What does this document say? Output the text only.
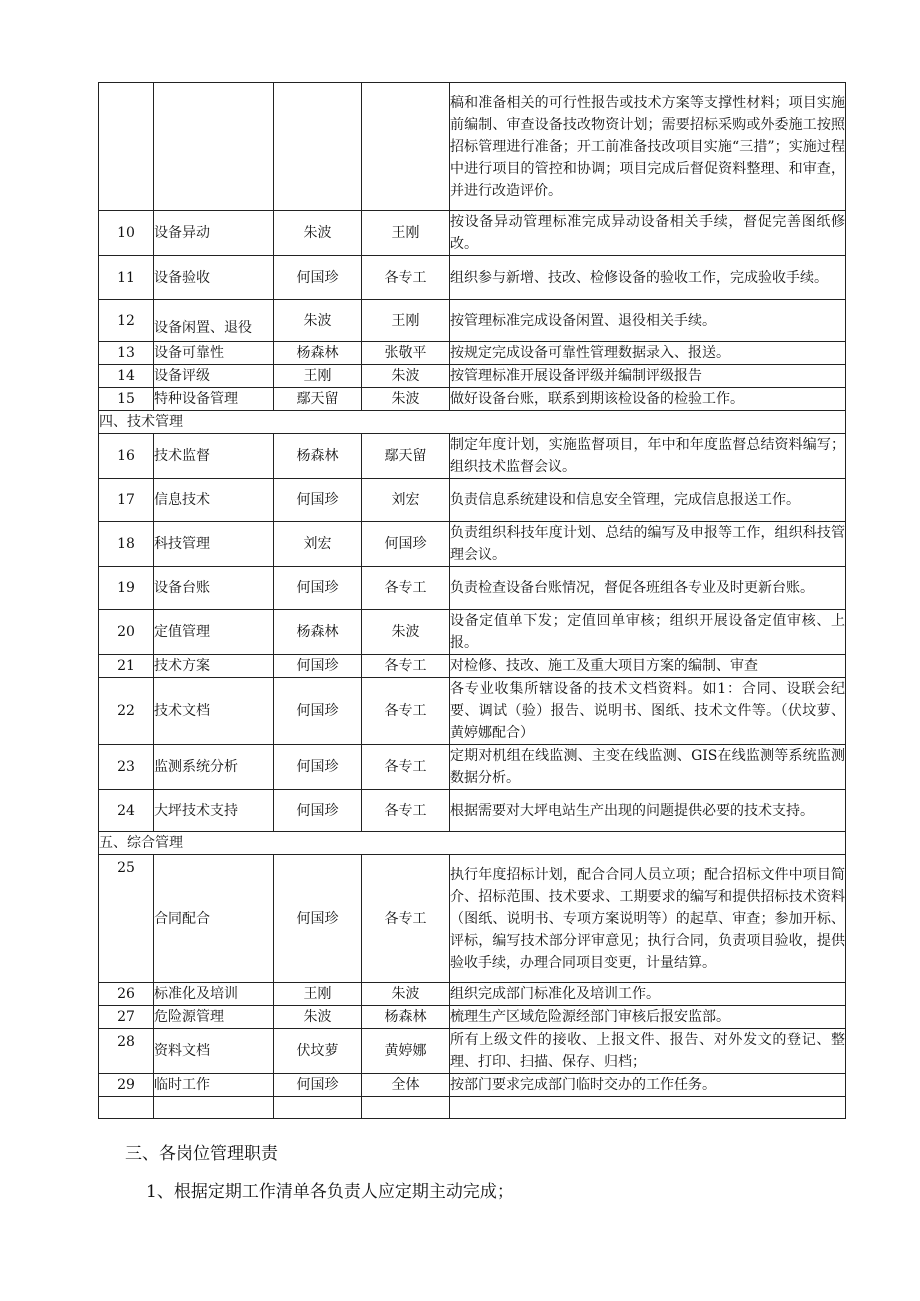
				稿和准备相关的可行性报告或技术方案等支撑性材料；项目实施前编制、审查设备技改物资计划；需要招标采购或外委施工按照招标管理进行准备；开工前准备技改项目实施“三措”；实施过程中进行项目的管控和协调；项目完成后督促资料整理、和审查，并进行改造评价。
10	设备异动	朱波	王刚	按设备异动管理标准完成异动设备相关手续，督促完善图纸修改。
11	设备验收	何国珍	各专工	组织参与新增、技改、检修设备的验收工作，完成验收手续。
12	设备闲置、退役	朱波	王刚	按管理标准完成设备闲置、退役相关手续。
13	设备可靠性	杨森林	张敬平	按规定完成设备可靠性管理数据录入、报送。
14	设备评级	王刚	朱波	按管理标准开展设备评级并编制评级报告
15	特种设备管理	鄢天留	朱波	做好设备台账，联系到期该检设备的检验工作。
四、技术管理				
16	技术监督	杨森林	鄢天留	制定年度计划，实施监督项目，年中和年度监督总结资料编写；组织技术监督会议。
17	信息技术	何国珍	刘宏	负责信息系统建设和信息安全管理，完成信息报送工作。
18	科技管理	刘宏	何国珍	负责组织科技年度计划、总结的编写及申报等工作，组织科技管理会议。
19	设备台账	何国珍	各专工	负责检查设备台账情况，督促各班组各专业及时更新台账。
20	定值管理	杨森林	朱波	设备定值单下发；定值回单审核；组织开展设备定值审核、上报。
21	技术方案	何国珍	各专工	对检修、技改、施工及重大项目方案的编制、审查
22	技术文档	何国珍	各专工	各专业收集所辖设备的技术文档资料。如1：合同、设联会纪要、调试（验）报告、说明书、图纸、技术文件等。（伏坟萝、黄婷娜配合）
23	监测系统分析	何国珍	各专工	定期对机组在线监测、主变在线监测、GIS在线监测等系统监测数据分析。
24	大坪技术支持	何国珍	各专工	根据需要对大坪电站生产出现的问题提供必要的技术支持。
五、综合管理				
25	合同配合	何国珍	各专工	执行年度招标计划，配合合同人员立项；配合招标文件中项目简介、招标范围、技术要求、工期要求的编写和提供招标技术资料（图纸、说明书、专项方案说明等）的起草、审查；参加开标、评标，编写技术部分评审意见；执行合同，负责项目验收，提供验收手续，办理合同项目变更，计量结算。
26	标准化及培训	王刚	朱波	组织完成部门标准化及培训工作。
27	危险源管理	朱波	杨森林	梳理生产区域危险源经部门审核后报安监部。
28	资料文档	伏坟萝	黄婷娜	所有上级文件的接收、上报文件、报告、对外发文的登记、整理、打印、扫描、保存、归档；
29	临时工作	何国珍	全体	按部门要求完成部门临时交办的工作任务。

三、各岗位管理职责
1、根据定期工作清单各负责人应定期主动完成；
